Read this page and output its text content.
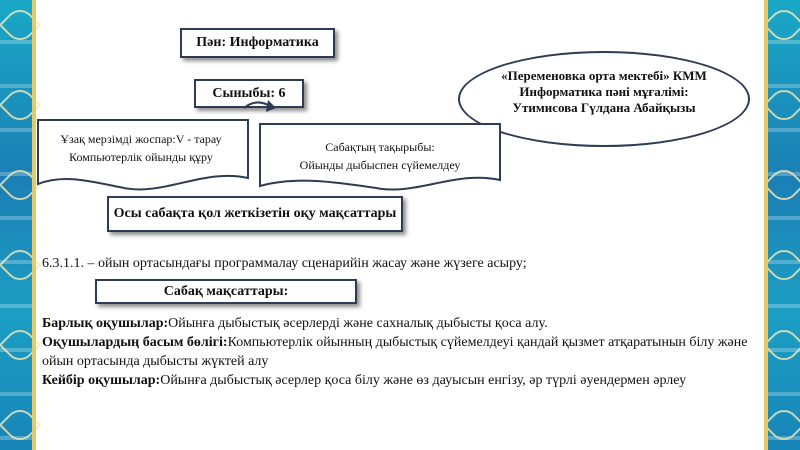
Пән: Информатика
Сыныбы: 6
«Переменовка орта мектебі» КММ
Информатика пәні мұғалімі:
Утимисова Гүлдана Абайқызы
Ұзақ мерзімді жоспар:V - тарау
Компьютерлік ойынды құру
Сабақтың тақырыбы:
Ойынды дыбыспен сүйемелдеу
Осы сабақта қол жеткізетін оқу мақсаттары
6.3.1.1. – ойын ортасындағы программалау сценарийін жасау және жүзеге асыру;
Сабақ мақсаттары:
Барлық оқушылар:Ойынға дыбыстық әсерлерді және сахналық дыбысты қоса алу.
Оқушылардың басым бөлігі:Компьютерлік ойынның дыбыстық сүйемелдеуі қандай қызмет атқаратынын білу және ойын ортасында дыбысты жүктей алу
Кейбір оқушылар:Ойынға дыбыстық әсерлер қоса білу және өз дауысын енгізу, әр түрлі әуендермен әрлеу
